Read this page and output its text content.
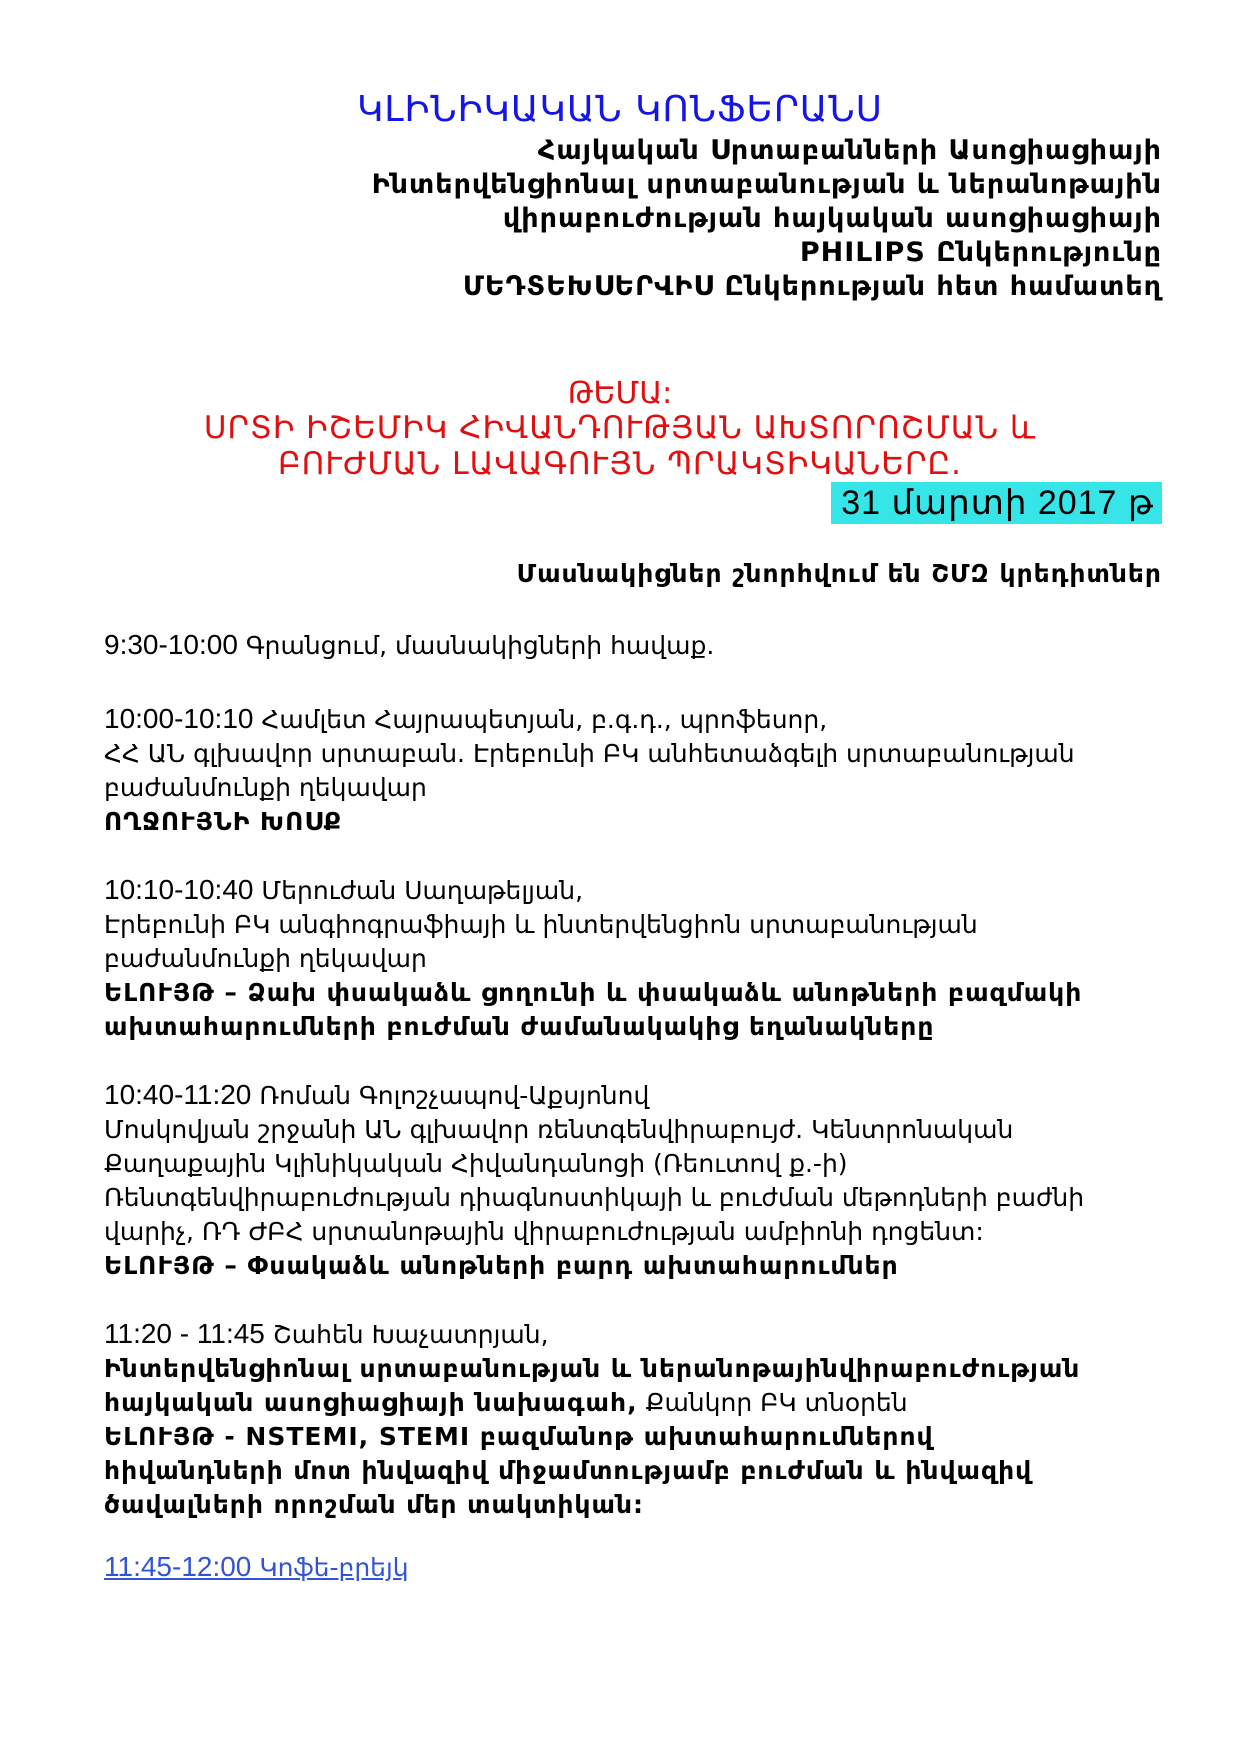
ԿԼԻՆԻԿԱԿԱՆ ԿՈՆՖԵՐԱՆՍ
Հայկական Սրտաբանների Ասոցիացիայի
Ինտերվենցիոնալ սրտաբանության և ներանոթային
վիրաբուժության հայկական ասոցիացիայի
PHILIPS Ընկերությունը
ՄԵԴՏԵԽՍԵՐՎԻՍ Ընկերության հետ համատեղ
ԹԵՄԱ:
ՍՐՏԻ ԻՇԵՄԻԿ ՀԻՎԱՆԴՈՒԹՅԱՆ ԱԽՏՈՐՈՇՄԱՆ և
ԲՈՒԺՄԱՆ ԼԱՎԱԳՈՒՅՆ ՊՐԱԿՏԻԿԱՆԵՐԸ.
31 մարտի 2017 թ
Մասնակիցներ շնորհվում են ՇՄԶ կրեդիտներ
9:30-10:00 Գրանցում, մասնակիցների հավաք.
10:00-10:10 Համլետ Հայրապետյան, բ.գ.դ., պրոֆեսոր,
ՀՀ ԱՆ գլխավոր սրտաբան. Էրեբունի ԲԿ անհետաձգելի սրտաբանության
բաժանմունքի ղեկավար
ՈՂՋՈՒՅՆԻ ԽՈՍՔ
10:10-10:40 Մերուժան Սաղաթելյան,
Էրեբունի ԲԿ անգիոգրաֆիայի և ինտերվենցիոն սրտաբանության
բաժանմունքի ղեկավար
ԵԼՈՒՅԹ – Ձախ փսակաձև ցողունի և փսակաձև անոթների բազմակի
ախտահարումների բուժման ժամանակակից եղանակները
10:40-11:20 Ռոման Գոլոշչապով-Աքսյոնով
Մոսկովյան շրջանի ԱՆ գլխավոր ռենտգենվիրաբույժ. Կենտրոնական
Քաղաքային Կլինիկական Հիվանդանոցի (Ռեուտով ք.-ի)
Ռենտգենվիրաբուժության դիագնոստիկայի և բուժման մեթոդների բաժնի
վարիչ, ՌԴ ԺԲՀ սրտանոթային վիրաբուժության ամբիոնի դոցենտ:
ԵԼՈՒՅԹ – Փսակաձև անոթների բարդ ախտահարումներ
11:20 - 11:45 Շահեն Խաչատրյան,
Ինտերվենցիոնալ սրտաբանության և ներանոթայինվիրաբուժության
հայկական ասոցիացիայի նախագահ, Քանկոր ԲԿ տնօրեն
ԵԼՈՒՅԹ - NSTEMI, STEMI բազմանոթ ախտահարումներով
հիվանդների մոտ ինվազիվ միջամտությամբ բուժման և ինվազիվ
ծավալների որոշման մեր տակտիկան:
11:45-12:00 Կոֆե-բրեյկ
